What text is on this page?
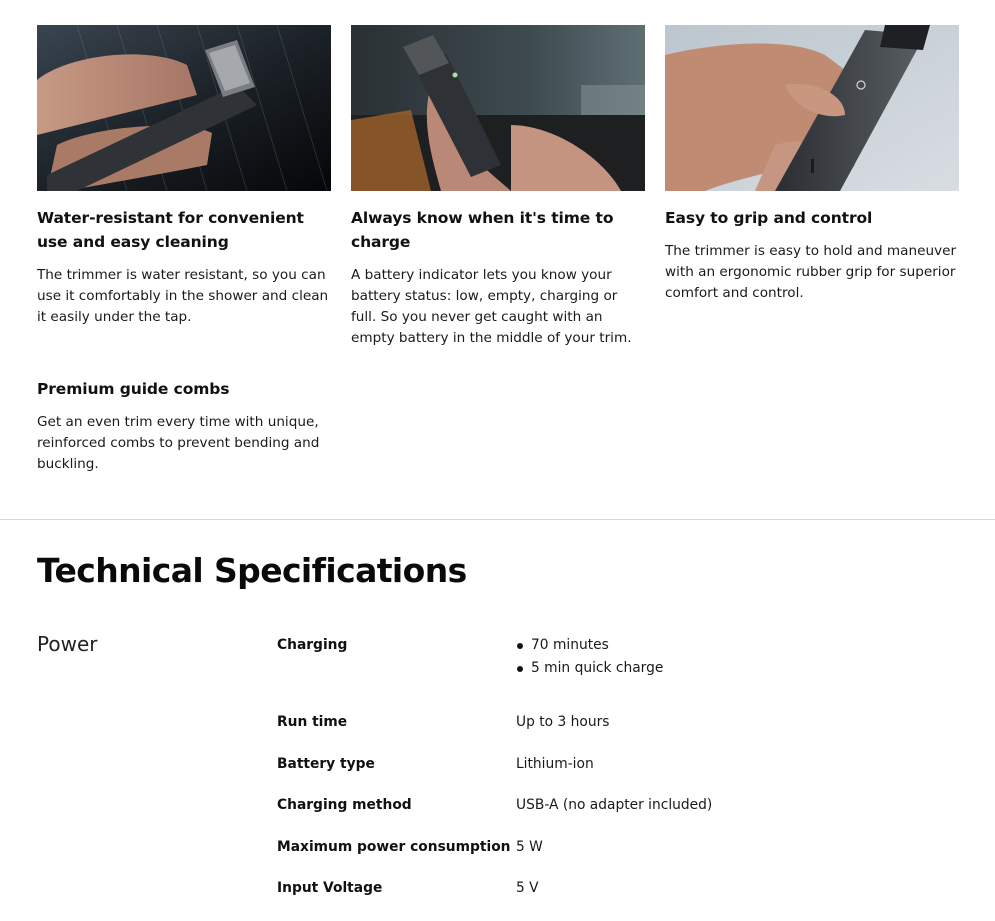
Water-resistant for convenient use and easy cleaning

The trimmer is water resistant, so you can use it comfortably in the shower and clean it easily under the tap.

Always know when it's time to charge

A battery indicator lets you know your battery status: low, empty, charging or full. So you never get caught with an empty battery in the middle of your trim.

Easy to grip and control

The trimmer is easy to hold and maneuver with an ergonomic rubber grip for superior comfort and control.

Premium guide combs

Get an even trim every time with unique, reinforced combs to prevent bending and buckling.

Technical Specifications
Power	Charging	70 minutes
5 min quick charge
Run time	Up to 3 hours
Battery type	Lithium-ion
Charging method	USB-A (no adapter included)
Maximum power consumption 5 W
Input Voltage	5 V
